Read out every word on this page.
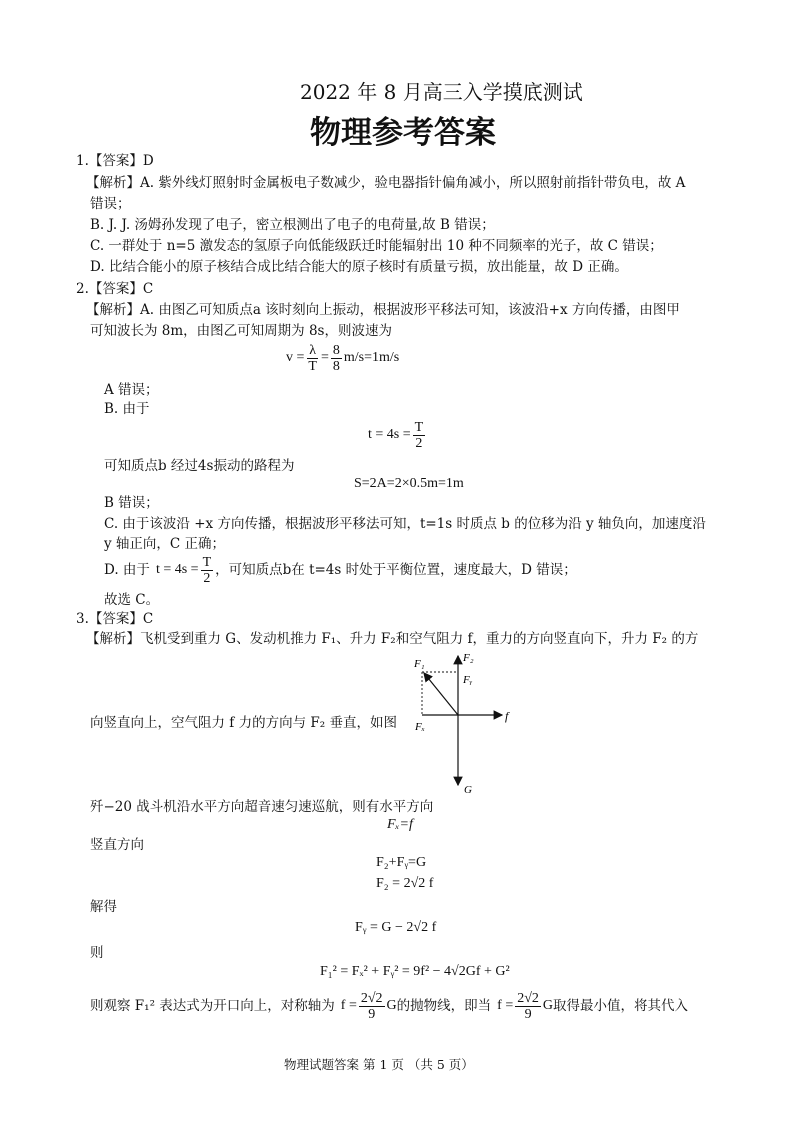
2022 年 8 月高三入学摸底测试
物理参考答案
1.【答案】D
【解析】A. 紫外线灯照射时金属板电子数减少，验电器指针偏角减小，所以照射前指针带负电，故 A
错误；
B. J. J. 汤姆孙发现了电子，密立根测出了电子的电荷量,故 B 错误；
C. 一群处于 n=5 激发态的氢原子向低能级跃迁时能辐射出 10 种不同频率的光子，故 C 错误；
D. 比结合能小的原子核结合成比结合能大的原子核时有质量亏损，放出能量，故 D 正确。
2.【答案】C
【解析】A. 由图乙可知质点a 该时刻向上振动，根据波形平移法可知，该波沿+x 方向传播，由图甲
可知波长为 8m，由图乙可知周期为 8s，则波速为
$v = \frac{\lambda}{T} = \frac{8}{8} m/s=1m/s$
A 错误；
B. 由于
$t = 4s = \frac{T}{2}$
可知质点b 经过4s振动的路程为
S=2A=2×0.5m=1m
B 错误；
C. 由于该波沿 +x 方向传播，根据波形平移法可知，t=1s 时质点 b 的位移为沿 y 轴负向，加速度沿
y 轴正向，C 正确；
D. 由于 $t = 4s = \frac{T}{2}$ ，可知质点b在 t=4s 时处于平衡位置，速度最大，D 错误；
故选 C。
3.【答案】C
【解析】飞机受到重力 G、发动机推力 F₁、升力 F₂和空气阻力 f，重力的方向竖直向下，升力 F₂ 的方
F₁	F₂
Fᵧ
Fₓ
f
G
向竖直向上，空气阻力 f 力的方向与 F₂ 垂直，如图
歼−20 战斗机沿水平方向超音速匀速巡航，则有水平方向
Fₓ=f
竖直方向
F₂+Fᵧ=G
F₂ = 2√2 f
解得
Fᵧ = G − 2√2 f
则
F₁² = Fₓ² + Fᵧ² = 9f² − 4√2Gf + G²
则观察 F₁² 表达式为开口向上，对称轴为 $f = \frac{2√2}{9}$ G 的抛物线，即当 $f = \frac{2√2}{9}$ G 取得最小值，将其代入
物理试题答案 第 1 页 （共 5 页）
